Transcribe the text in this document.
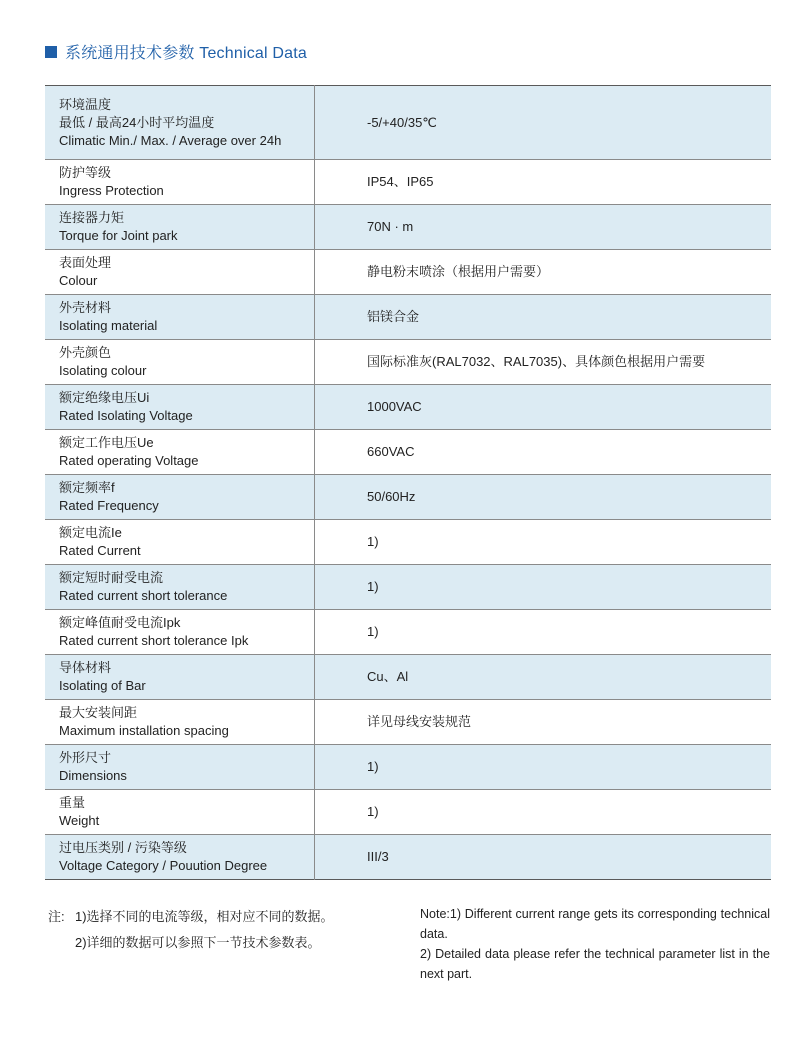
系统通用技术参数 Technical Data
环境温度
最低 / 最高24小时平均温度
Climatic Min./ Max. / Average over 24h	-5/+40/35℃

防护等级
Ingress Protection	IP54、IP65

连接器力矩
Torque for Joint park	70N · m

表面处理
Colour	静电粉末喷涂（根据用户需要）

外壳材料
Isolating material	铝镁合金

外壳颜色
Isolating colour	国际标准灰(RAL7032、RAL7035)、具体颜色根据用户需要

额定绝缘电压Ui
Rated Isolating Voltage	1000VAC

额定工作电压Ue
Rated operating Voltage	660VAC

额定频率f
Rated Frequency	50/60Hz

额定电流Ie
Rated Current	1)

额定短时耐受电流
Rated current short tolerance	1)

额定峰值耐受电流Ipk
Rated current short tolerance Ipk	1)

导体材料
Isolating of Bar	Cu、Al

最大安装间距
Maximum installation spacing	详见母线安装规范

外形尺寸
Dimensions	1)

重量
Weight	1)

过电压类别 / 污染等级
Voltage Category / Pouution Degree	III/3
注: 1)选择不同的电流等级，相对应不同的数据。
2)详细的数据可以参照下一节技术参数表。
Note:1) Different current range gets its corresponding technical data.
2) Detailed data please refer the technical parameter list in the next part.
